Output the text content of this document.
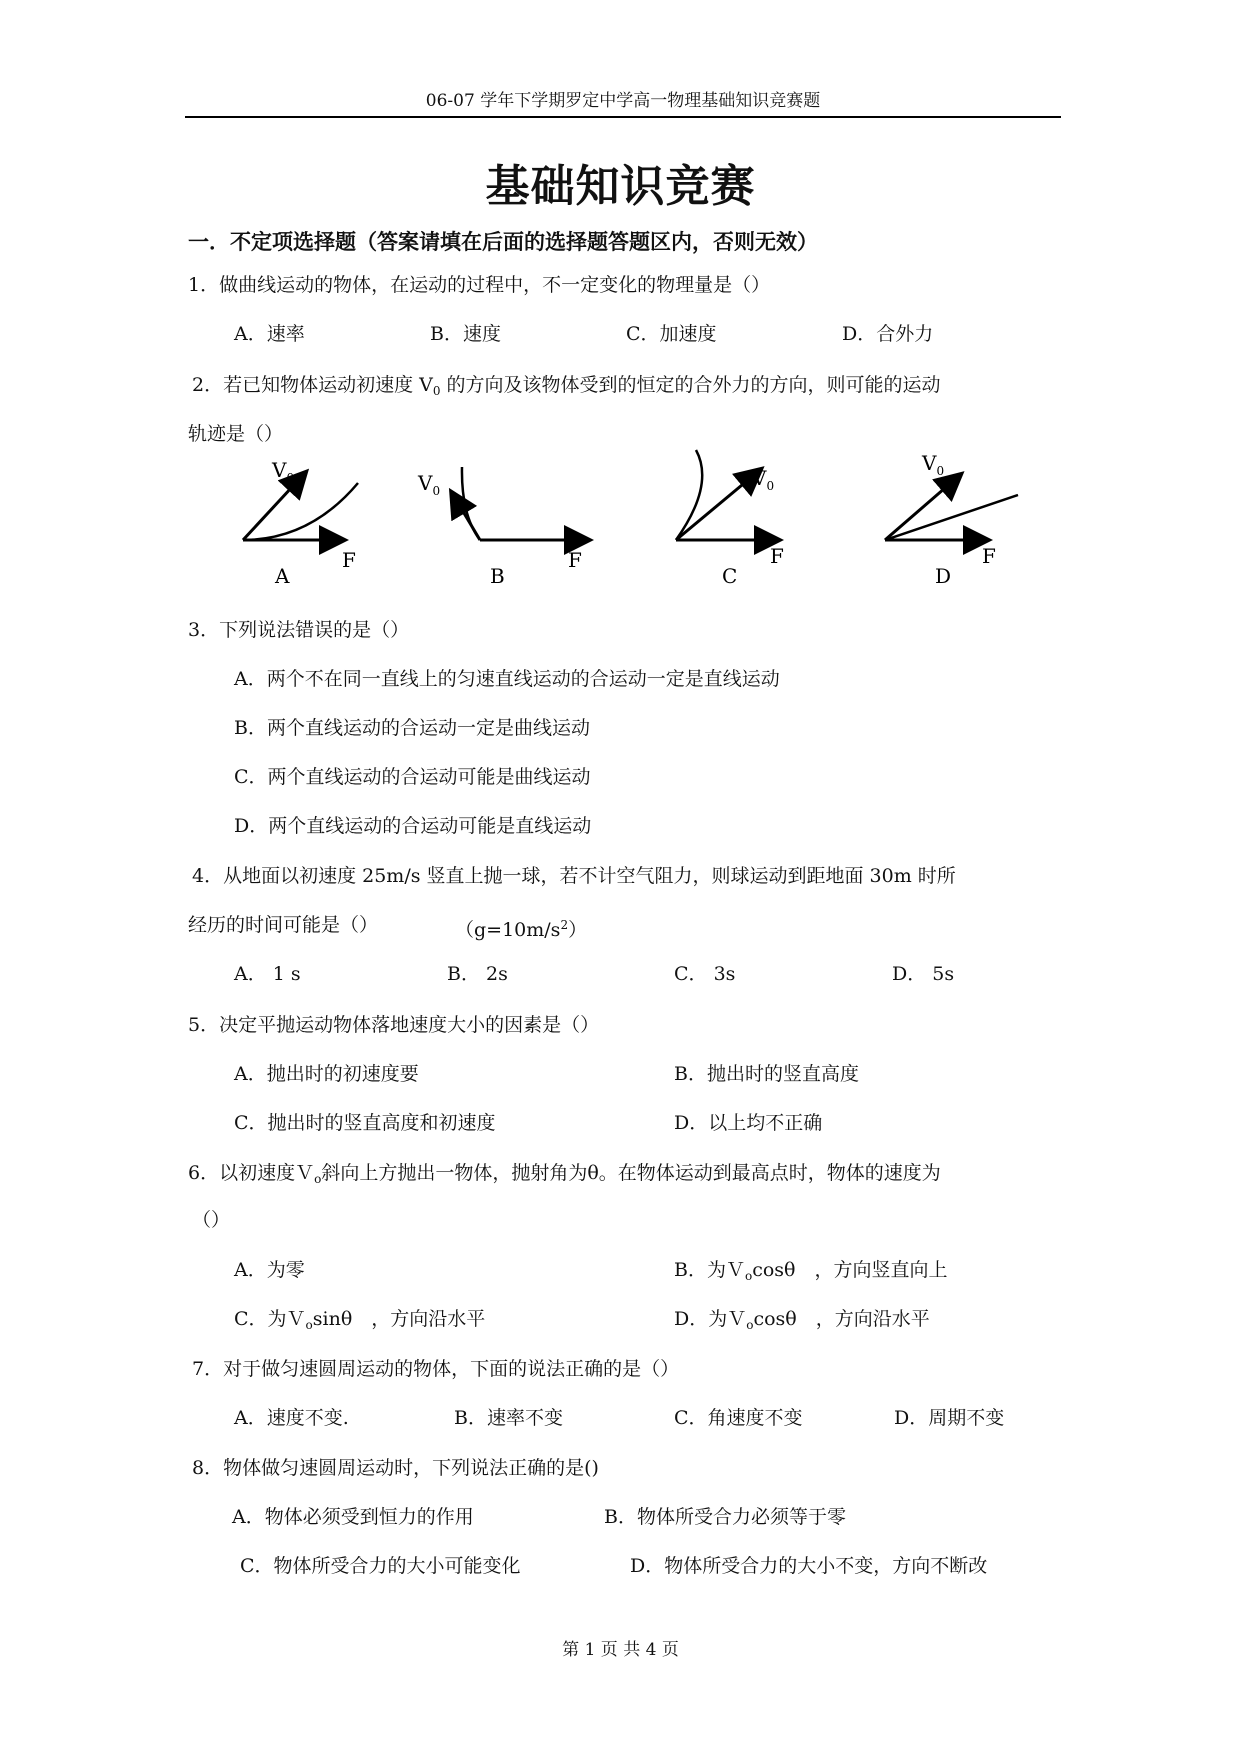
06-07 学年下学期罗定中学高一物理基础知识竞赛题
基础知识竞赛
一．不定项选择题（答案请填在后面的选择题答题区内，否则无效）
1．做曲线运动的物体，在运动的过程中，不一定变化的物理量是（）
A．速率	B．速度	C．加速度	D．合外力
2．若已知物体运动初速度 $V_0$ 的方向及该物体受到的恒定的合外力的方向，则可能的运动
轨迹是（）
$V_0$
F
A
$V_0$
F
B
$V_0$
F
C
$V_0$
F
D
3．下列说法错误的是（）
A．两个不在同一直线上的匀速直线运动的合运动一定是直线运动
B．两个直线运动的合运动一定是曲线运动
C．两个直线运动的合运动可能是曲线运动
D．两个直线运动的合运动可能是直线运动
4．从地面以初速度 25m/s 竖直上抛一球，若不计空气阻力，则球运动到距地面 30m 时所
经历的时间可能是（）	$(g=10m/s^2)$
A． 1 s	B． 2s	C． 3s	D． 5s
5．决定平抛运动物体落地速度大小的因素是（）
A．抛出时的初速度要	B．抛出时的竖直高度
C．抛出时的竖直高度和初速度	D．以上均不正确
6．以初速度Ｖ$_o$斜向上方抛出一物体，抛射角为θ。在物体运动到最高点时，物体的速度为
（）
A．为零	B．为Ｖ$_o$cosθ　，方向竖直向上
C．为Ｖ$_o$sinθ　，方向沿水平	D．为Ｖ$_o$cosθ　，方向沿水平
7．对于做匀速圆周运动的物体，下面的说法正确的是（）
A．速度不变.	B．速率不变	C．角速度不变	D．周期不变
8．物体做匀速圆周运动时，下列说法正确的是()
A．物体必须受到恒力的作用	B．物体所受合力必须等于零
C．物体所受合力的大小可能变化	D．物体所受合力的大小不变，方向不断改
第 1 页 共 4 页
